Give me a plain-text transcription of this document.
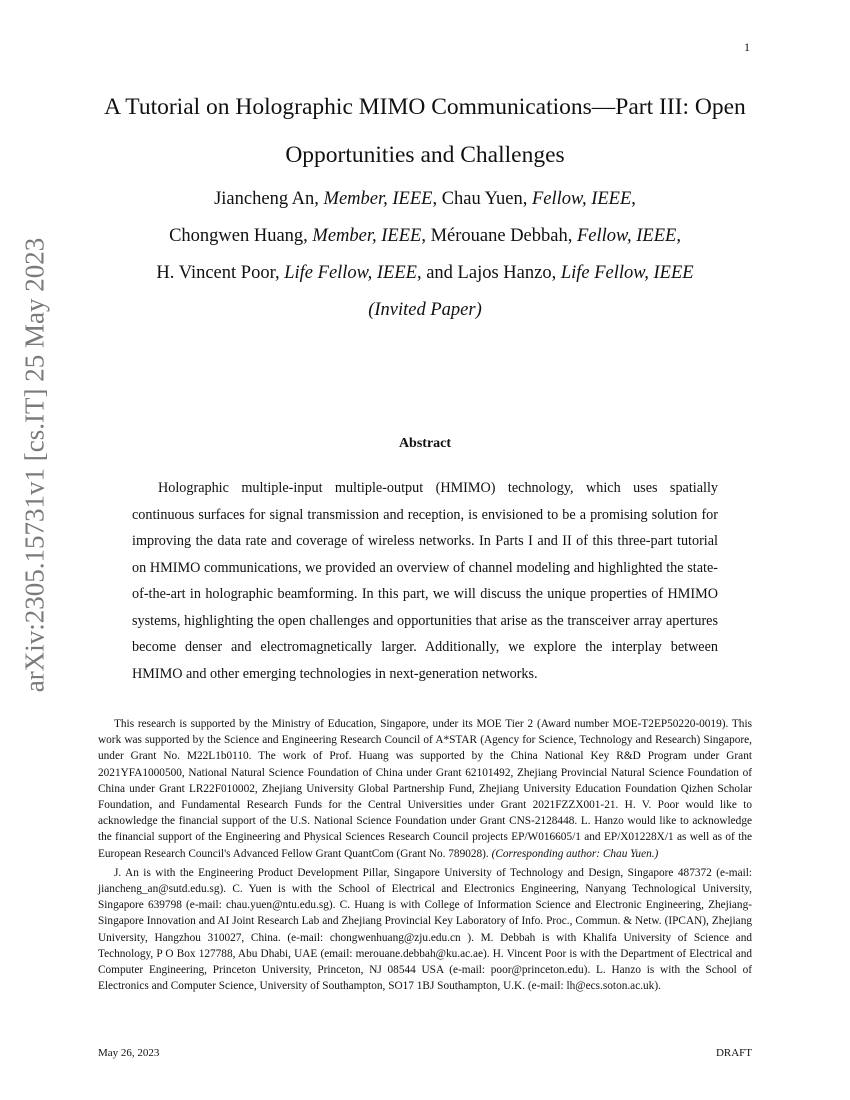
1
arXiv:2305.15731v1 [cs.IT] 25 May 2023
A Tutorial on Holographic MIMO Communications—Part III: Open Opportunities and Challenges
Jiancheng An, Member, IEEE, Chau Yuen, Fellow, IEEE,
Chongwen Huang, Member, IEEE, Mérouane Debbah, Fellow, IEEE,
H. Vincent Poor, Life Fellow, IEEE, and Lajos Hanzo, Life Fellow, IEEE
(Invited Paper)
Abstract

Holographic multiple-input multiple-output (HMIMO) technology, which uses spatially continuous surfaces for signal transmission and reception, is envisioned to be a promising solution for improving the data rate and coverage of wireless networks. In Parts I and II of this three-part tutorial on HMIMO communications, we provided an overview of channel modeling and highlighted the state-of-the-art in holographic beamforming. In this part, we will discuss the unique properties of HMIMO systems, highlighting the open challenges and opportunities that arise as the transceiver array apertures become denser and electromagnetically larger. Additionally, we explore the interplay between HMIMO and other emerging technologies in next-generation networks.

This research is supported by the Ministry of Education, Singapore, under its MOE Tier 2 (Award number MOE-T2EP50220-0019). This work was supported by the Science and Engineering Research Council of A*STAR (Agency for Science, Technology and Research) Singapore, under Grant No. M22L1b0110. The work of Prof. Huang was supported by the China National Key R&D Program under Grant 2021YFA1000500, National Natural Science Foundation of China under Grant 62101492, Zhejiang Provincial Natural Science Foundation of China under Grant LR22F010002, Zhejiang University Global Partnership Fund, Zhejiang University Education Foundation Qizhen Scholar Foundation, and Fundamental Research Funds for the Central Universities under Grant 2021FZZX001-21. H. V. Poor would like to acknowledge the financial support of the U.S. National Science Foundation under Grant CNS-2128448. L. Hanzo would like to acknowledge the financial support of the Engineering and Physical Sciences Research Council projects EP/W016605/1 and EP/X01228X/1 as well as of the European Research Council's Advanced Fellow Grant QuantCom (Grant No. 789028). (Corresponding author: Chau Yuen.)

J. An is with the Engineering Product Development Pillar, Singapore University of Technology and Design, Singapore 487372 (e-mail: jiancheng_an@sutd.edu.sg). C. Yuen is with the School of Electrical and Electronics Engineering, Nanyang Technological University, Singapore 639798 (e-mail: chau.yuen@ntu.edu.sg). C. Huang is with College of Information Science and Electronic Engineering, Zhejiang-Singapore Innovation and AI Joint Research Lab and Zhejiang Provincial Key Laboratory of Info. Proc., Commun. & Netw. (IPCAN), Zhejiang University, Hangzhou 310027, China. (e-mail: chongwenhuang@zju.edu.cn ). M. Debbah is with Khalifa University of Science and Technology, P O Box 127788, Abu Dhabi, UAE (email: merouane.debbah@ku.ac.ae). H. Vincent Poor is with the Department of Electrical and Computer Engineering, Princeton University, Princeton, NJ 08544 USA (e-mail: poor@princeton.edu). L. Hanzo is with the School of Electronics and Computer Science, University of Southampton, SO17 1BJ Southampton, U.K. (e-mail: lh@ecs.soton.ac.uk).

May 26, 2023	DRAFT
